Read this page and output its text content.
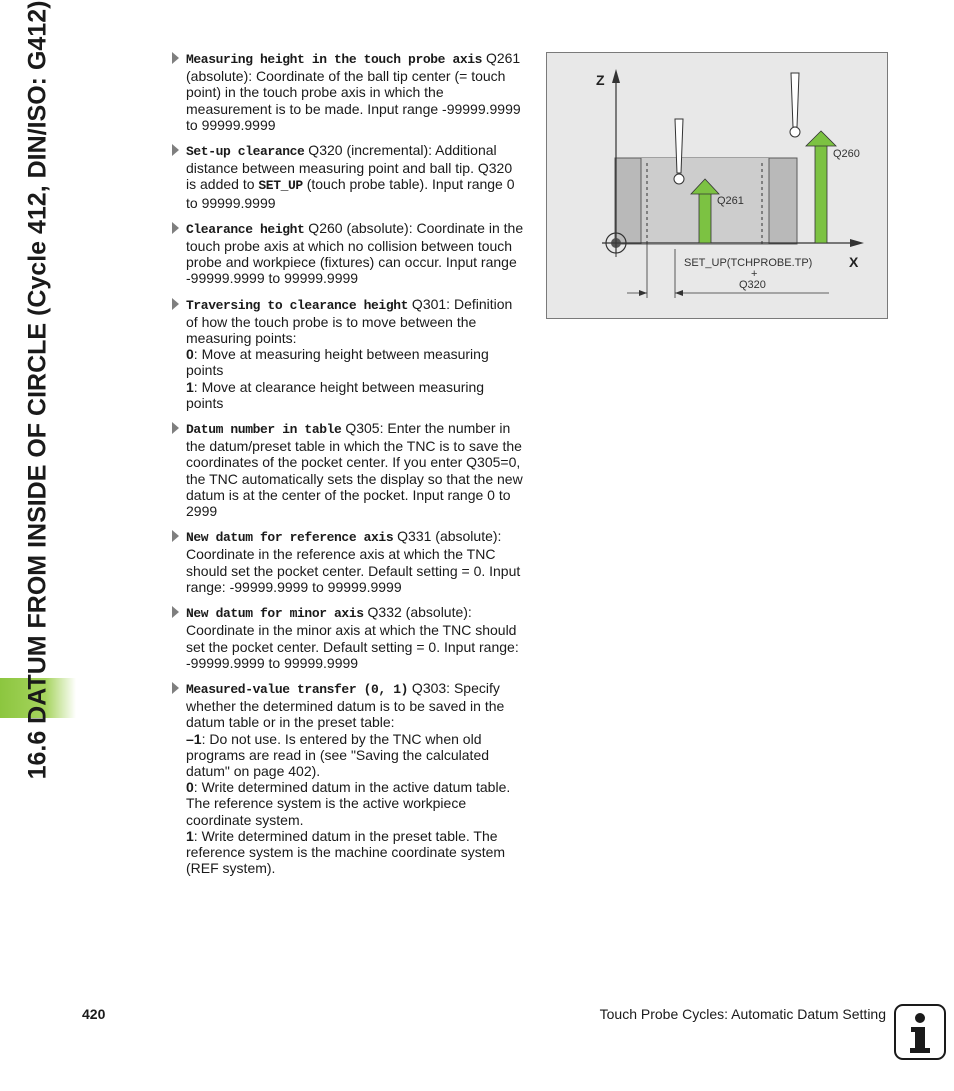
16.6 DATUM FROM INSIDE OF CIRCLE (Cycle 412, DIN/ISO: G412)	Measuring height in the touch probe axis Q261 (absolute): Coordinate of the ball tip center (= touch point) in the touch probe axis in which the measurement is to be made. Input range -99999.9999 to 99999.9999
Set-up clearance Q320 (incremental): Additional distance between measuring point and ball tip. Q320 is added to SET_UP (touch probe table). Input range 0 to 99999.9999
Clearance height Q260 (absolute): Coordinate in the touch probe axis at which no collision between touch probe and workpiece (fixtures) can occur. Input range -99999.9999 to 99999.9999
Traversing to clearance height Q301: Definition of how the touch probe is to move between the measuring points:
0: Move at measuring height between measuring points
1: Move at clearance height between measuring points
Datum number in table Q305: Enter the number in the datum/preset table in which the TNC is to save the coordinates of the pocket center. If you enter Q305=0, the TNC automatically sets the display so that the new datum is at the center of the pocket. Input range 0 to 2999
New datum for reference axis Q331 (absolute): Coordinate in the reference axis at which the TNC should set the pocket center. Default setting = 0. Input range: -99999.9999 to 99999.9999
New datum for minor axis Q332 (absolute): Coordinate in the minor axis at which the TNC should set the pocket center. Default setting = 0. Input range: -99999.9999 to 99999.9999
Measured-value transfer (0, 1) Q303: Specify whether the determined datum is to be saved in the datum table or in the preset table:
–1: Do not use. Is entered by the TNC when old programs are read in (see "Saving the calculated datum" on page 402).
0: Write determined datum in the active datum table. The reference system is the active workpiece coordinate system.
1: Write determined datum in the preset table. The reference system is the machine coordinate system (REF system).
Z
X
Q260
Q261
SET_UP(TCHPROBE.TP)
+
Q320
420	Touch Probe Cycles: Automatic Datum Setting
